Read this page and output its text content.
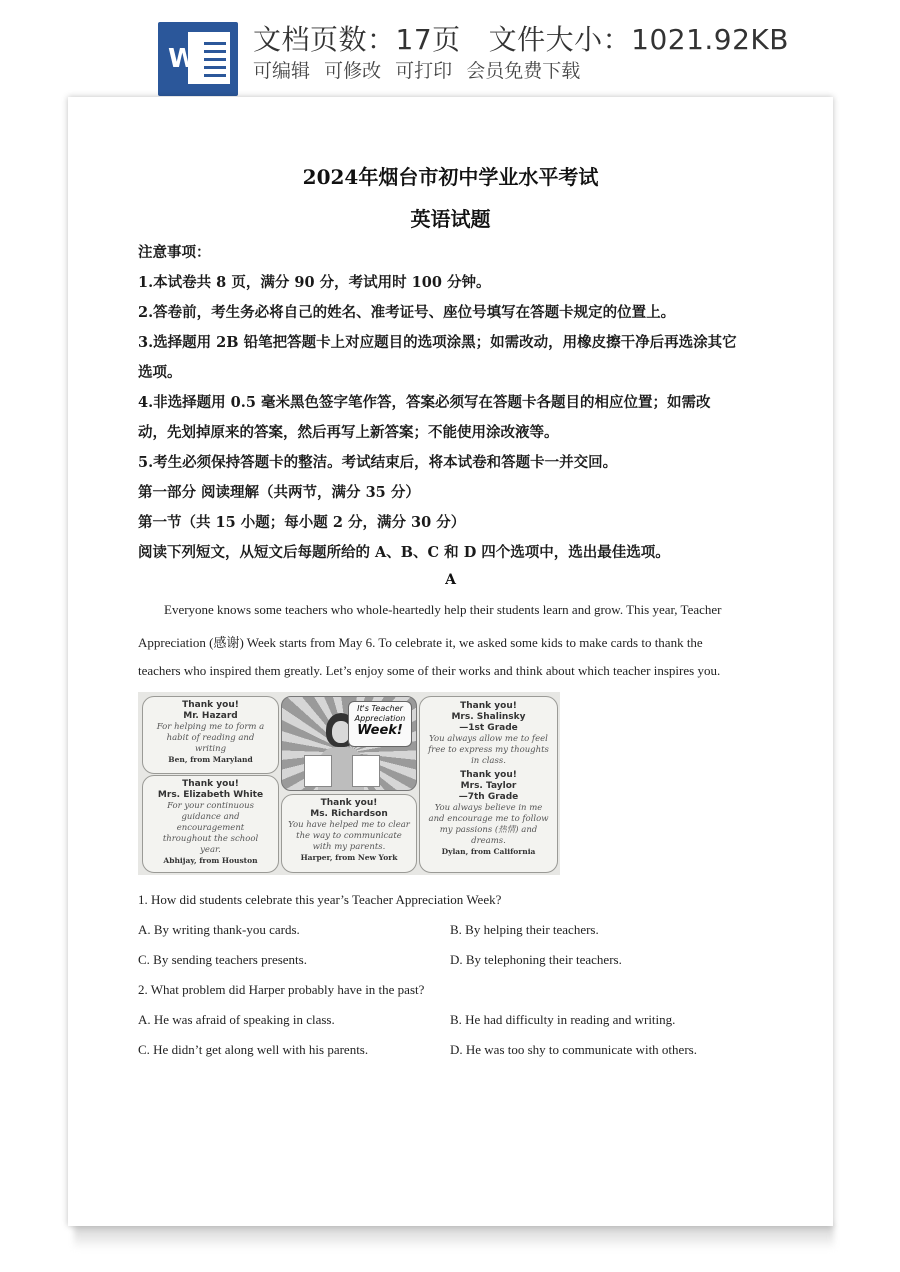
W
文档页数：17页 文件大小：1021.92KB
可编辑 可修改 可打印 会员免费下载
2024年烟台市初中学业水平考试
英语试题
注意事项：
1.本试卷共 8 页，满分 90 分，考试用时 100 分钟。
2.答卷前，考生务必将自己的姓名、准考证号、座位号填写在答题卡规定的位置上。
3.选择题用 2B 铅笔把答题卡上对应题目的选项涂黑；如需改动，用橡皮擦干净后再选涂其它
选项。
4.非选择题用 0.5 毫米黑色签字笔作答，答案必须写在答题卡各题目的相应位置；如需改
动，先划掉原来的答案，然后再写上新答案；不能使用涂改液等。
5.考生必须保持答题卡的整洁。考试结束后，将本试卷和答题卡一并交回。
第一部分 阅读理解（共两节，满分 35 分）
第一节（共 15 小题；每小题 2 分，满分 30 分）
阅读下列短文，从短文后每题所给的 A、B、C 和 D 四个选项中，选出最佳选项。
A
Everyone knows some teachers who whole-heartedly help their students learn and grow. This year, Teacher
Appreciation (感谢) Week starts from May 6. To celebrate it, we asked some kids to make cards to thank the
teachers who inspired them greatly. Let’s enjoy some of their works and think about which teacher inspires you.
Thank you!
Mr. Hazard
For helping me to form a habit of reading and writing
Ben, from Maryland
Thank you!
Mrs. Elizabeth White
For your continuous guidance and encouragement throughout the school year.
Abhijay, from Houston
It's Teacher Appreciation
Week!
Thank you!
Ms. Richardson
You have helped me to clear the way to communicate with my parents.
Harper, from New York
Thank you!
Mrs. Shalinsky
—1st Grade
You always allow me to feel free to express my thoughts in class.
Thank you!
Mrs. Taylor
—7th Grade
You always believe in me and encourage me to follow my passions (热情) and dreams.
Dylan, from California
1. How did students celebrate this year’s Teacher Appreciation Week?
A. By writing thank-you cards.	B. By helping their teachers.
C. By sending teachers presents.	D. By telephoning their teachers.
2. What problem did Harper probably have in the past?
A. He was afraid of speaking in class.	B. He had difficulty in reading and writing.
C. He didn’t get along well with his parents.	D. He was too shy to communicate with others.
